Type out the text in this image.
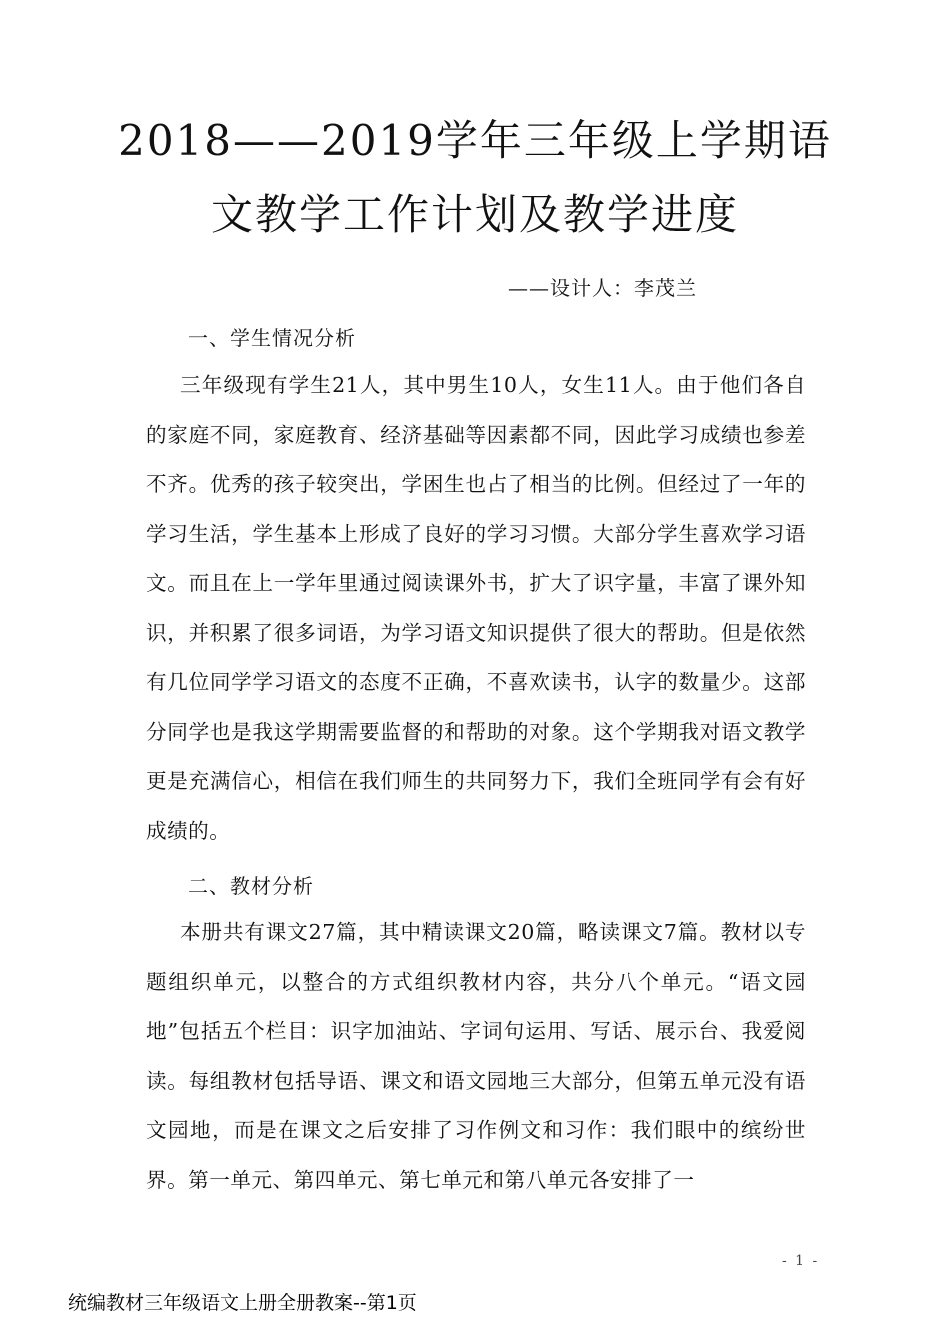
2018——2019学年三年级上学期语
文教学工作计划及教学进度
——设计人：李茂兰
一、学生情况分析

三年级现有学生21人，其中男生10人，女生11人。由于他们各自的家庭不同，家庭教育、经济基础等因素都不同，因此学习成绩也参差不齐。优秀的孩子较突出，学困生也占了相当的比例。但经过了一年的学习生活，学生基本上形成了良好的学习习惯。大部分学生喜欢学习语文。而且在上一学年里通过阅读课外书，扩大了识字量，丰富了课外知识，并积累了很多词语，为学习语文知识提供了很大的帮助。但是依然有几位同学学习语文的态度不正确，不喜欢读书，认字的数量少。这部分同学也是我这学期需要监督的和帮助的对象。这个学期我对语文教学更是充满信心，相信在我们师生的共同努力下，我们全班同学有会有好成绩的。

二、教材分析

本册共有课文27篇，其中精读课文20篇，略读课文7篇。教材以专题组织单元，以整合的方式组织教材内容，共分八个单元。“语文园地”包括五个栏目：识字加油站、字词句运用、写话、展示台、我爱阅读。每组教材包括导语、课文和语文园地三大部分，但第五单元没有语文园地，而是在课文之后安排了习作例文和习作：我们眼中的缤纷世界。第一单元、第四单元、第七单元和第八单元各安排了一

- 1 -
统编教材三年级语文上册全册教案--第1页
